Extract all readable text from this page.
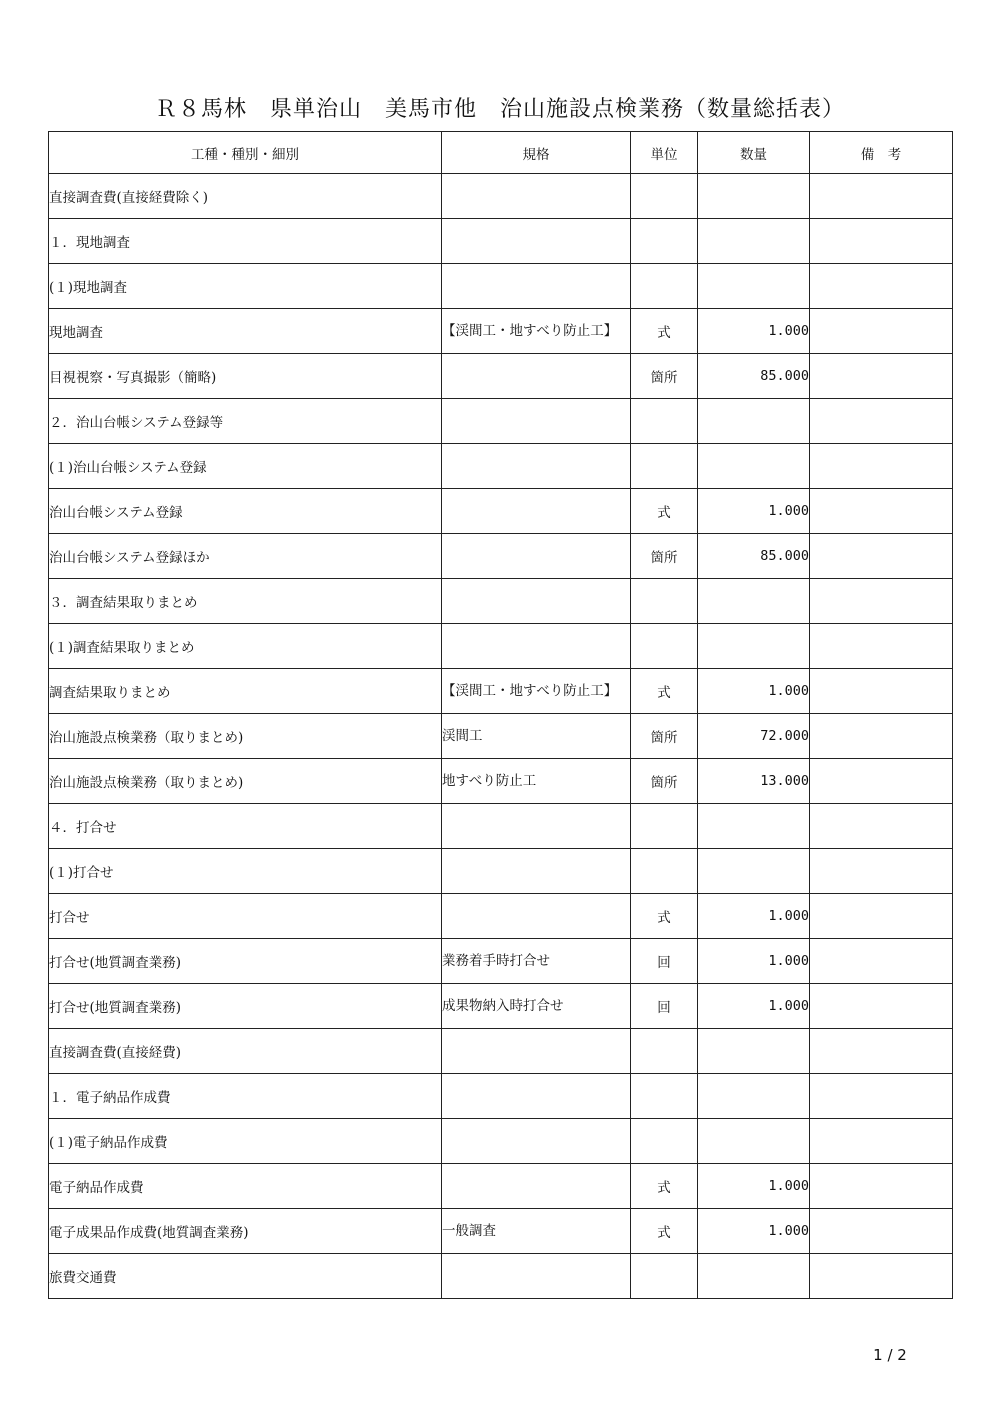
Ｒ８馬林　県単治山　美馬市他　治山施設点検業務（数量総括表）
工種・種別・細別	規格	単位	数量	備　考
直接調査費(直接経費除く)				
１．現地調査				
(１)現地調査				
現地調査	【渓間工・地すべり防止工】	式	1.000	
目視視察・写真撮影（簡略)		箇所	85.000	
２．治山台帳システム登録等				
(１)治山台帳システム登録				
治山台帳システム登録		式	1.000	
治山台帳システム登録ほか		箇所	85.000	
３．調査結果取りまとめ				
(１)調査結果取りまとめ				
調査結果取りまとめ	【渓間工・地すべり防止工】	式	1.000	
治山施設点検業務（取りまとめ)	渓間工	箇所	72.000	
治山施設点検業務（取りまとめ)	地すべり防止工	箇所	13.000	
４．打合せ				
(１)打合せ				
打合せ		式	1.000	
打合せ(地質調査業務)	業務着手時打合せ	回	1.000	
打合せ(地質調査業務)	成果物納入時打合せ	回	1.000	
直接調査費(直接経費)				
１．電子納品作成費				
(１)電子納品作成費				
電子納品作成費		式	1.000	
電子成果品作成費(地質調査業務)	一般調査	式	1.000	
旅費交通費				
1 / 2
